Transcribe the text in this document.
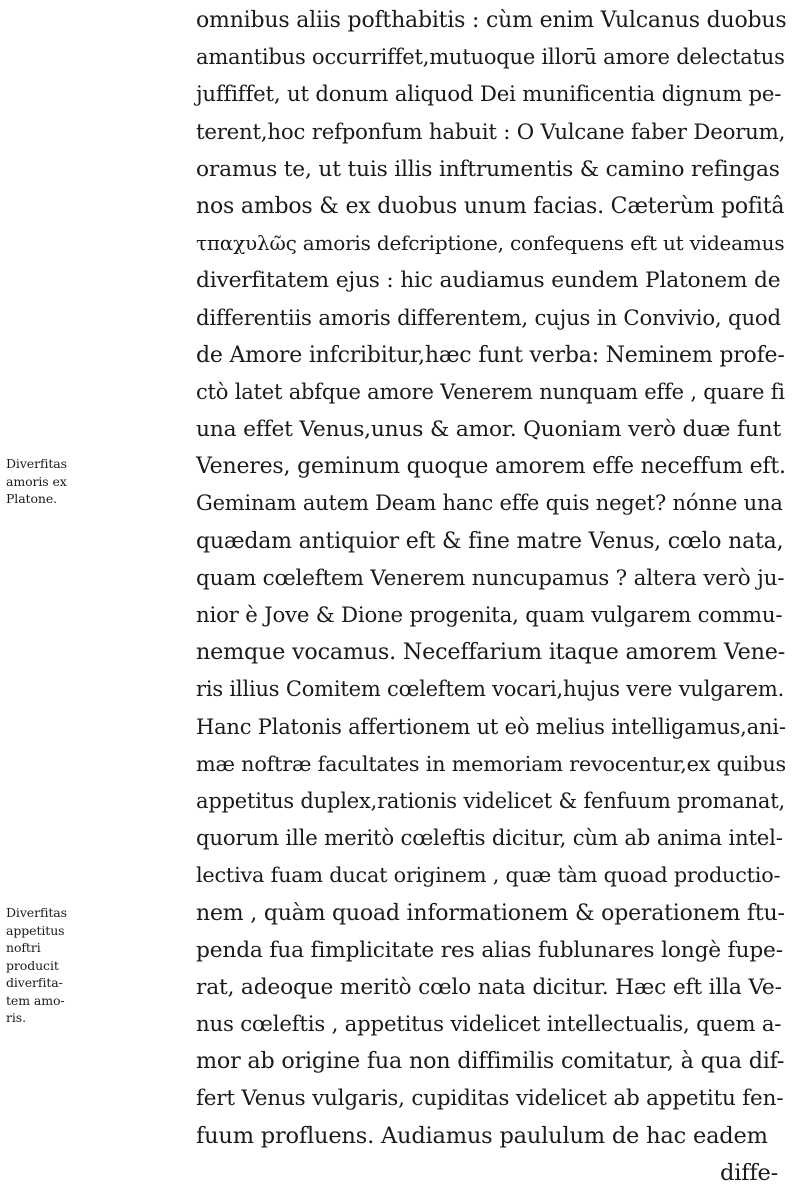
omnibus aliis pofthabitis : cùm enim Vulcanus duobus
amantibus occurriffet,mutuoque illorū amore delectatus
juffiffet, ut donum aliquod Dei munificentia dignum pe-
terent,hoc refponfum habuit : O Vulcane faber Deorum,
oramus te, ut tuis illis inftrumentis & camino refingas
nos ambos & ex duobus unum facias. Cæterùm pofitâ
τπαχυλῶς amoris defcriptione, confequens eft ut videamus
diverfitatem ejus : hic audiamus eundem Platonem de
differentiis amoris differentem, cujus in Convivio, quod
de Amore infcribitur,hæc funt verba: Neminem profe-
ctò latet abfque amore Venerem nunquam effe , quare fi
una effet Venus,unus & amor. Quoniam verò duæ funt
Veneres, geminum quoque amorem effe neceffum eft.
Geminam autem Deam hanc effe quis neget? nónne una
quædam antiquior eft & fine matre Venus, cœlo nata,
quam cœleftem Venerem nuncupamus ? altera verò ju-
nior è Jove & Dione progenita, quam vulgarem commu-
nemque vocamus. Neceffarium itaque amorem Vene-
ris illius Comitem cœleftem vocari,hujus vere vulgarem.
Hanc Platonis affertionem ut eò melius intelligamus,ani-
mæ noftræ facultates in memoriam revocentur,ex quibus
appetitus duplex,rationis videlicet & fenfuum promanat,
quorum ille meritò cœleftis dicitur, cùm ab anima intel-
lectiva fuam ducat originem , quæ tàm quoad productio-
nem , quàm quoad informationem & operationem ftu-
penda fua fimplicitate res alias fublunares longè fupe-
rat, adeoque meritò cœlo nata dicitur. Hæc eft illa Ve-
nus cœleftis , appetitus videlicet intellectualis, quem a-
mor ab origine fua non diffimilis comitatur, à qua dif-
fert Venus vulgaris, cupiditas videlicet ab appetitu fen-
fuum profluens. Audiamus paululum de hac eadem
diffe-
Diverfitas
amoris ex
Platone.
Diverfitas
appetitus
noftri
producit
diverfita-
tem amo-
ris.
